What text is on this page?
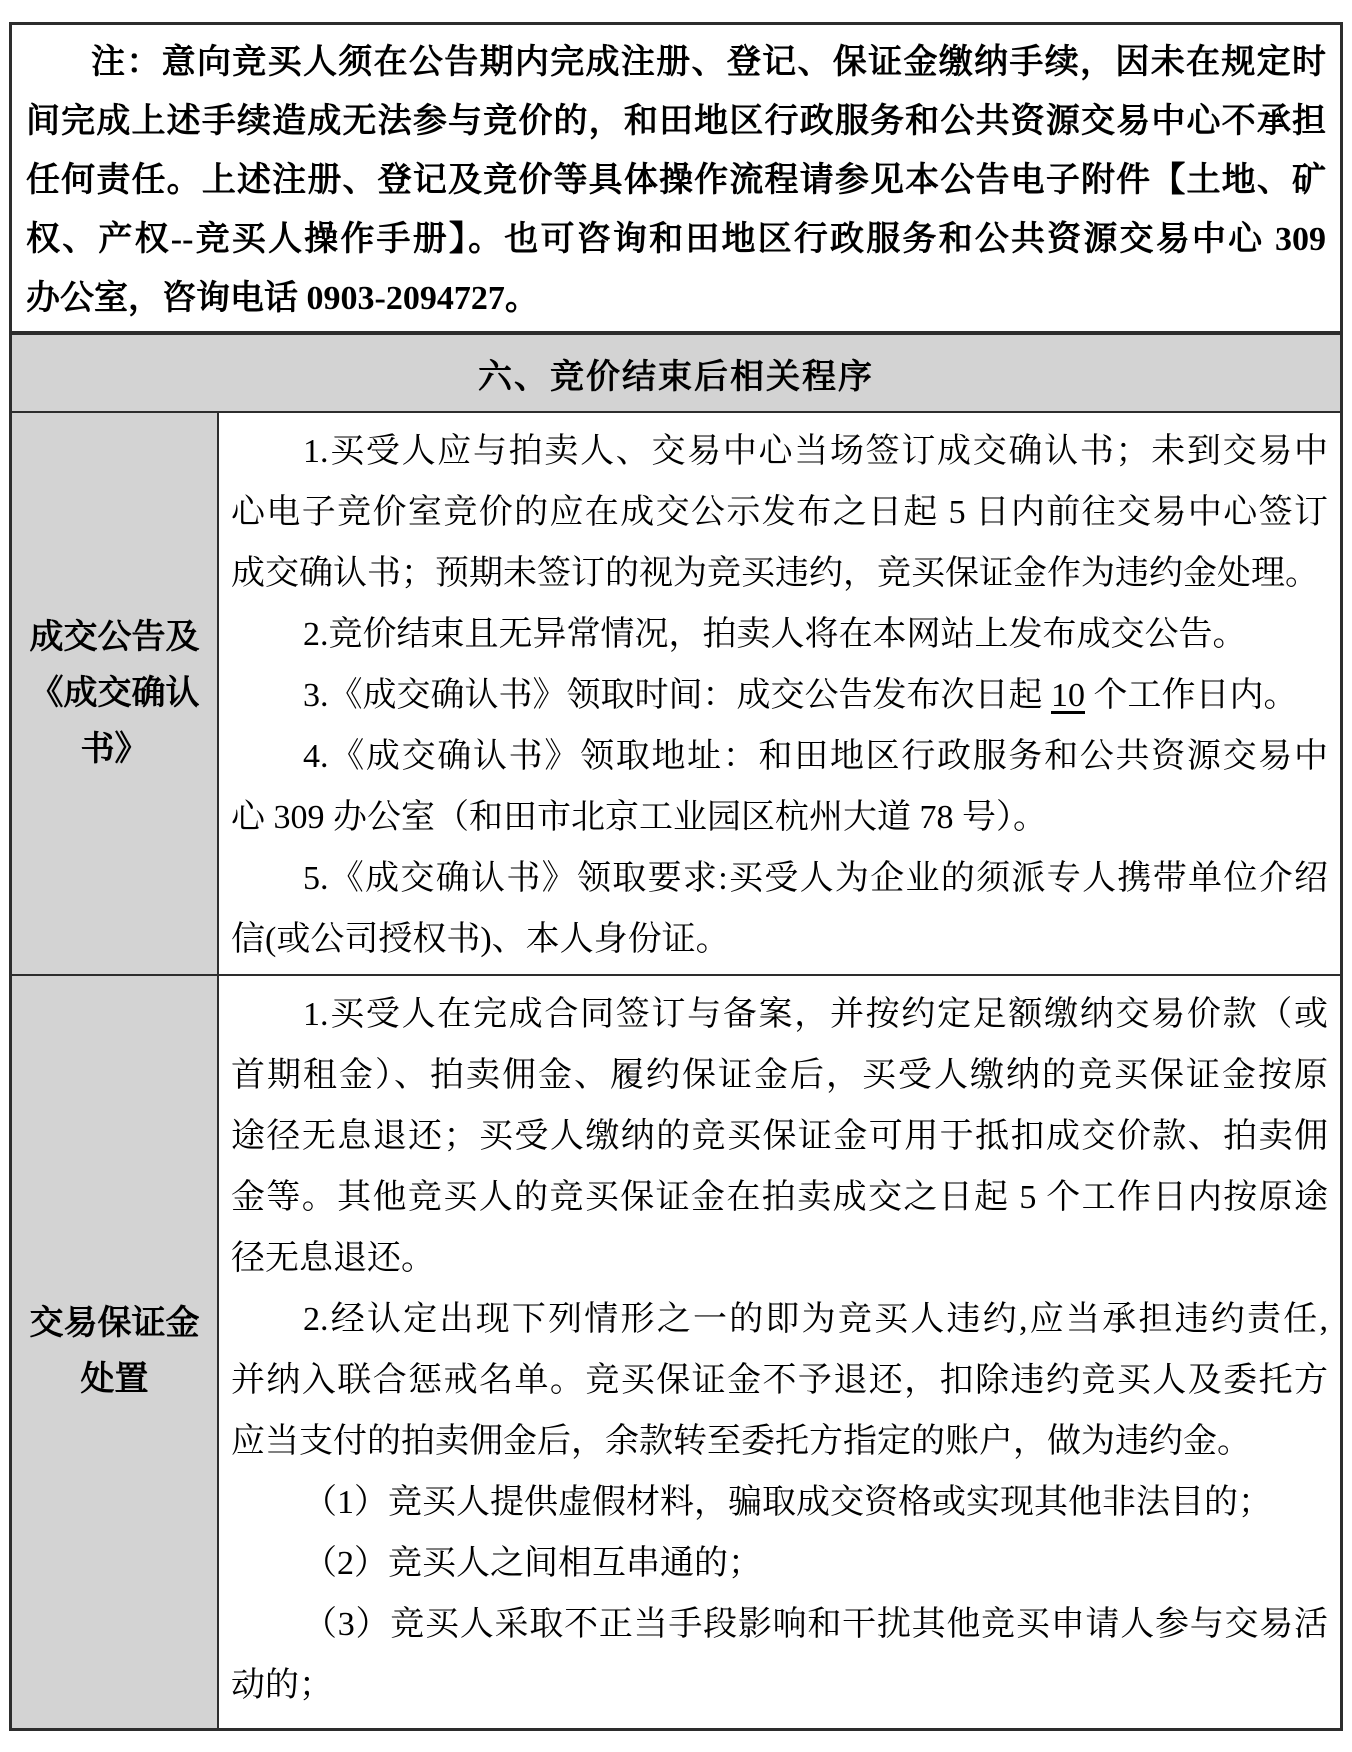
注：意向竞买人须在公告期内完成注册、登记、保证金缴纳手续，因未在规定时
间完成上述手续造成无法参与竞价的，和田地区行政服务和公共资源交易中心不承担
任何责任。上述注册、登记及竞价等具体操作流程请参见本公告电子附件【土地、矿
权、产权--竞买人操作手册】。也可咨询和田地区行政服务和公共资源交易中心 309
办公室，咨询电话 0903-2094727。
六、竞价结束后相关程序
成交公告及
《成交确认
书》
1.买受人应与拍卖人、交易中心当场签订成交确认书；未到交易中
心电子竞价室竞价的应在成交公示发布之日起 5 日内前往交易中心签订
成交确认书；预期未签订的视为竞买违约，竞买保证金作为违约金处理。
2.竞价结束且无异常情况，拍卖人将在本网站上发布成交公告。
3.《成交确认书》领取时间：成交公告发布次日起 10 个工作日内。
4.《成交确认书》领取地址：和田地区行政服务和公共资源交易中
心 309 办公室（和田市北京工业园区杭州大道 78 号）。
5.《成交确认书》领取要求:买受人为企业的须派专人携带单位介绍
信(或公司授权书)、本人身份证。
交易保证金
处置
1.买受人在完成合同签订与备案，并按约定足额缴纳交易价款（或
首期租金）、拍卖佣金、履约保证金后，买受人缴纳的竞买保证金按原
途径无息退还；买受人缴纳的竞买保证金可用于抵扣成交价款、拍卖佣
金等。其他竞买人的竞买保证金在拍卖成交之日起 5 个工作日内按原途
径无息退还。
2.经认定出现下列情形之一的即为竞买人违约,应当承担违约责任,
并纳入联合惩戒名单。竞买保证金不予退还，扣除违约竞买人及委托方
应当支付的拍卖佣金后，余款转至委托方指定的账户，做为违约金。
（1）竞买人提供虚假材料，骗取成交资格或实现其他非法目的；
（2）竞买人之间相互串通的；
（3）竞买人采取不正当手段影响和干扰其他竞买申请人参与交易活
动的；
